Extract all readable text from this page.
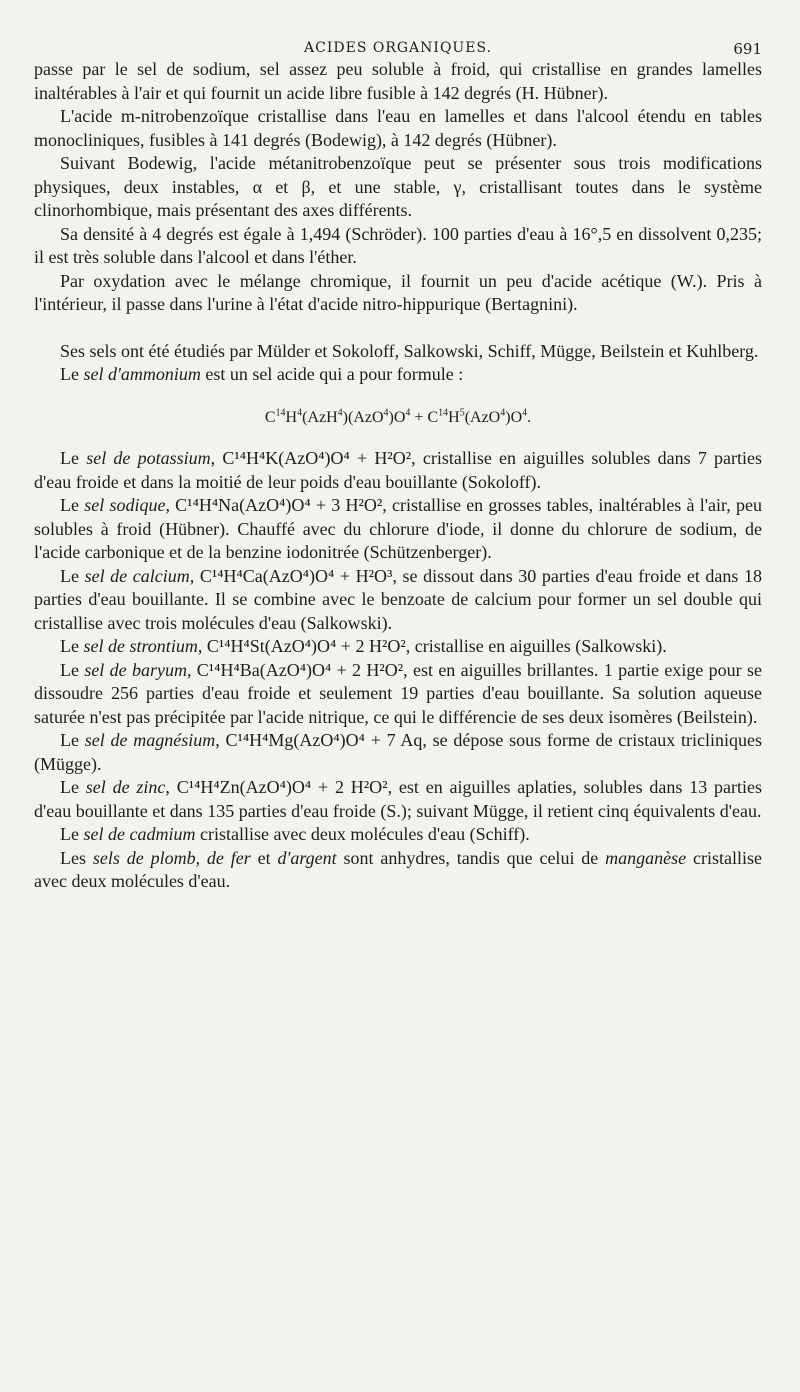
ACIDES ORGANIQUES.	691

passe par le sel de sodium, sel assez peu soluble à froid, qui cristallise en grandes lamelles inaltérables à l'air et qui fournit un acide libre fusible à 142 degrés (H. Hübner).

L'acide m-nitrobenzoïque cristallise dans l'eau en lamelles et dans l'alcool étendu en tables monocliniques, fusibles à 141 degrés (Bodewig), à 142 degrés (Hübner).

Suivant Bodewig, l'acide métanitrobenzoïque peut se présenter sous trois modifications physiques, deux instables, α et β, et une stable, γ, cristallisant toutes dans le système clinorhombique, mais présentant des axes différents.

Sa densité à 4 degrés est égale à 1,494 (Schröder). 100 parties d'eau à 16°,5 en dissolvent 0,235; il est très soluble dans l'alcool et dans l'éther.

Par oxydation avec le mélange chromique, il fournit un peu d'acide acétique (W.). Pris à l'intérieur, il passe dans l'urine à l'état d'acide nitro-hippurique (Bertagnini).

Ses sels ont été étudiés par Mülder et Sokoloff, Salkowski, Schiff, Mügge, Beilstein et Kuhlberg.

Le sel d'ammonium est un sel acide qui a pour formule :

$C^{14}H^4(AzH^4)(AzO^4)O^4 + C^{14}H^5(AzO^4)O^4$.

Le sel de potassium, C¹⁴H⁴K(AzO⁴)O⁴ + H²O², cristallise en aiguilles solubles dans 7 parties d'eau froide et dans la moitié de leur poids d'eau bouillante (Sokoloff).

Le sel sodique, C¹⁴H⁴Na(AzO⁴)O⁴ + 3 H²O², cristallise en grosses tables, inaltérables à l'air, peu solubles à froid (Hübner). Chauffé avec du chlorure d'iode, il donne du chlorure de sodium, de l'acide carbonique et de la benzine iodonitrée (Schützenberger).

Le sel de calcium, C¹⁴H⁴Ca(AzO⁴)O⁴ + H²O³, se dissout dans 30 parties d'eau froide et dans 18 parties d'eau bouillante. Il se combine avec le benzoate de calcium pour former un sel double qui cristallise avec trois molécules d'eau (Salkowski).

Le sel de strontium, C¹⁴H⁴St(AzO⁴)O⁴ + 2 H²O², cristallise en aiguilles (Salkowski).

Le sel de baryum, C¹⁴H⁴Ba(AzO⁴)O⁴ + 2 H²O², est en aiguilles brillantes. 1 partie exige pour se dissoudre 256 parties d'eau froide et seulement 19 parties d'eau bouillante. Sa solution aqueuse saturée n'est pas précipitée par l'acide nitrique, ce qui le différencie de ses deux isomères (Beilstein).

Le sel de magnésium, C¹⁴H⁴Mg(AzO⁴)O⁴ + 7 Aq, se dépose sous forme de cristaux tricliniques (Mügge).

Le sel de zinc, C¹⁴H⁴Zn(AzO⁴)O⁴ + 2 H²O², est en aiguilles aplaties, solubles dans 13 parties d'eau bouillante et dans 135 parties d'eau froide (S.); suivant Mügge, il retient cinq équivalents d'eau.

Le sel de cadmium cristallise avec deux molécules d'eau (Schiff).

Les sels de plomb, de fer et d'argent sont anhydres, tandis que celui de manganèse cristallise avec deux molécules d'eau.
